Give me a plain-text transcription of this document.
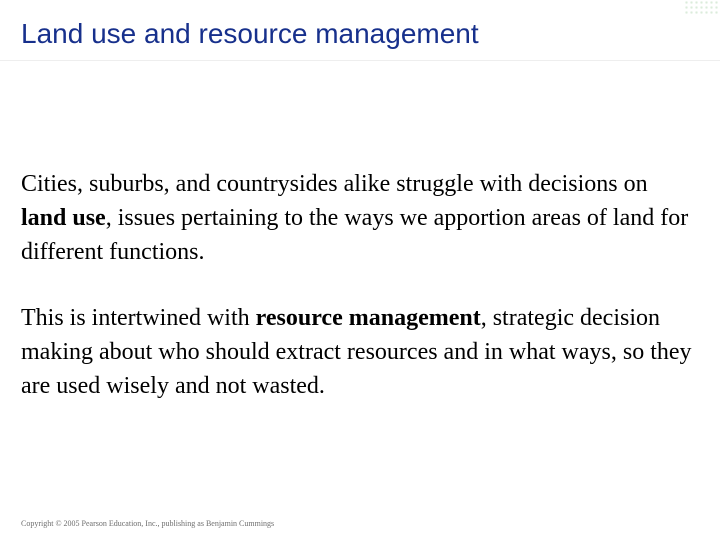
Land use and resource management

Cities, suburbs, and countrysides alike struggle with decisions on land use, issues pertaining to the ways we apportion areas of land for different functions.

This is intertwined with resource management, strategic decision making about who should extract resources and in what ways, so they are used wisely and not wasted.

Copyright © 2005 Pearson Education, Inc., publishing as Benjamin Cummings
